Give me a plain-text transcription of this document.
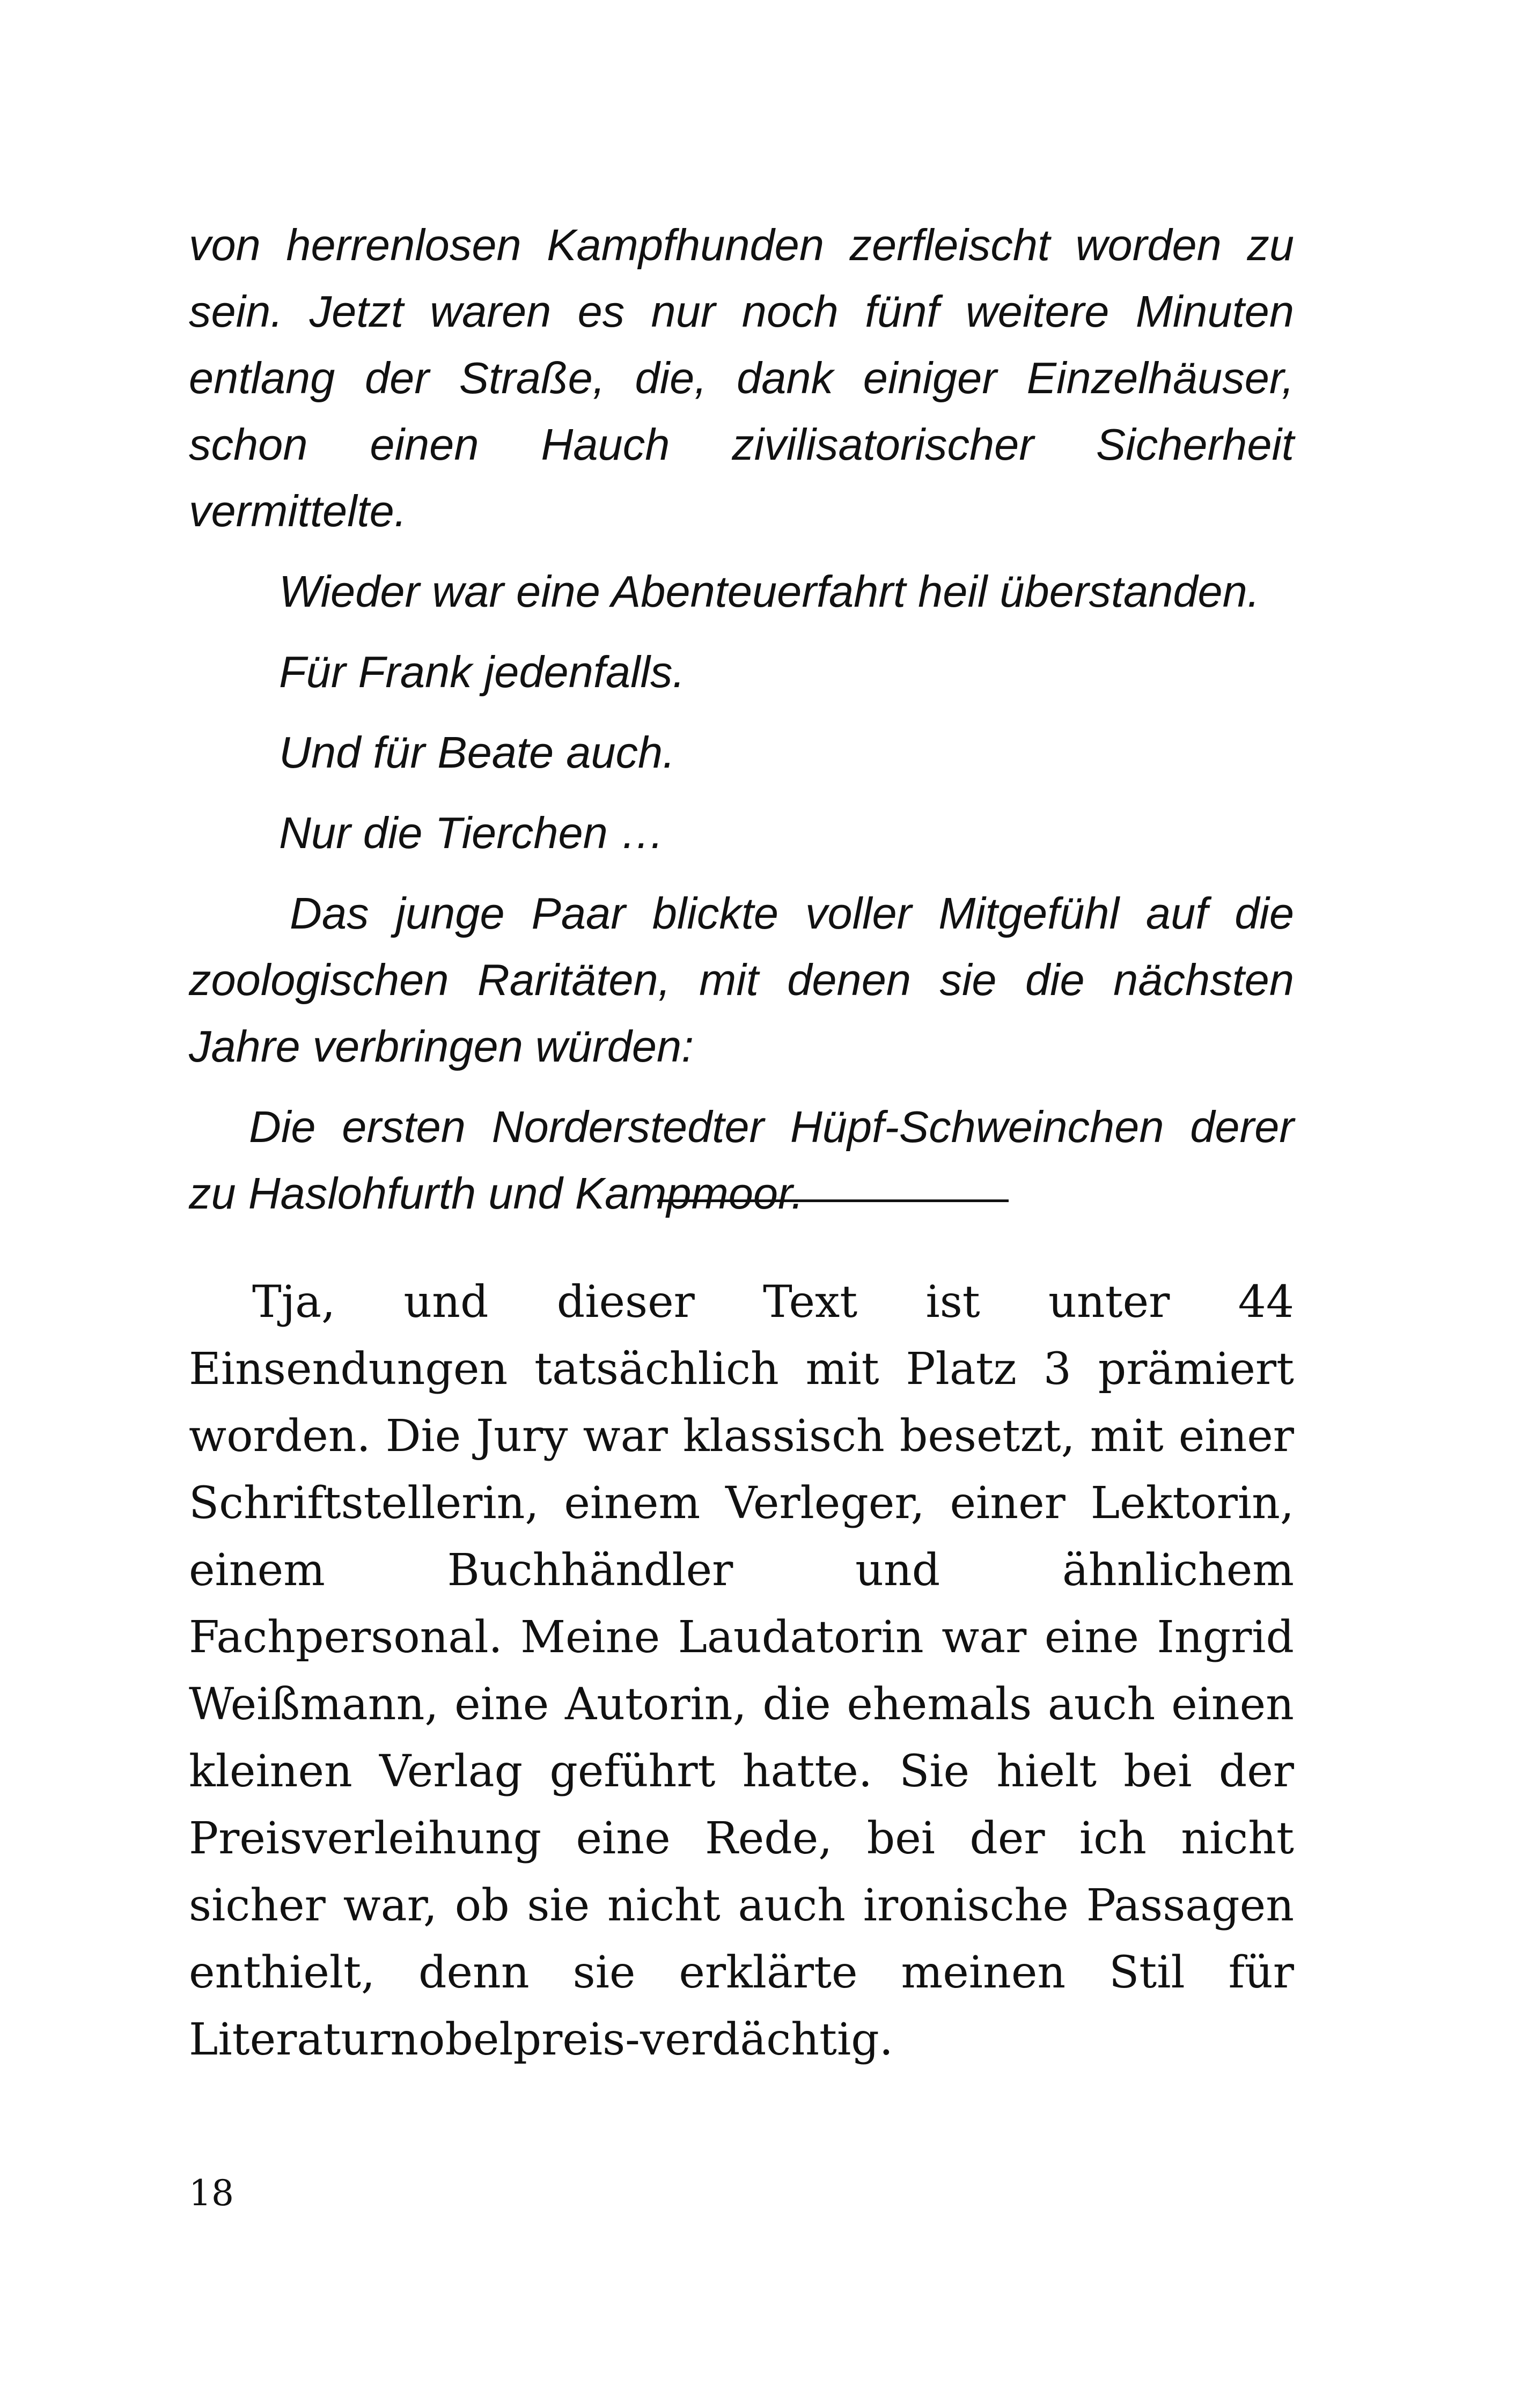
von herrenlosen Kampfhunden zerfleischt worden zu sein. Jetzt waren es nur noch fünf weitere Minuten entlang der Straße, die, dank einiger Einzelhäuser, schon einen Hauch zivilisatorischer Sicherheit vermittelte.

Wieder war eine Abenteuerfahrt heil überstanden.

Für Frank jedenfalls.

Und für Beate auch.

Nur die Tierchen …

Das junge Paar blickte voller Mitgefühl auf die zoologischen Raritäten, mit denen sie die nächsten Jahre verbringen würden:

Die ersten Norderstedter Hüpf-Schweinchen derer zu Haslohfurth und Kampmoor.

Tja, und dieser Text ist unter 44 Einsendungen tatsächlich mit Platz 3 prämiert worden. Die Jury war klassisch besetzt, mit einer Schriftstellerin, einem Verleger, einer Lektorin, einem Buchhändler und ähnlichem Fachpersonal. Meine Laudatorin war eine Ingrid Weißmann, eine Autorin, die ehemals auch einen kleinen Verlag geführt hatte. Sie hielt bei der Preisverleihung eine Rede, bei der ich nicht sicher war, ob sie nicht auch ironische Passagen enthielt, denn sie erklärte meinen Stil für Literaturnobelpreis-verdächtig.

18
